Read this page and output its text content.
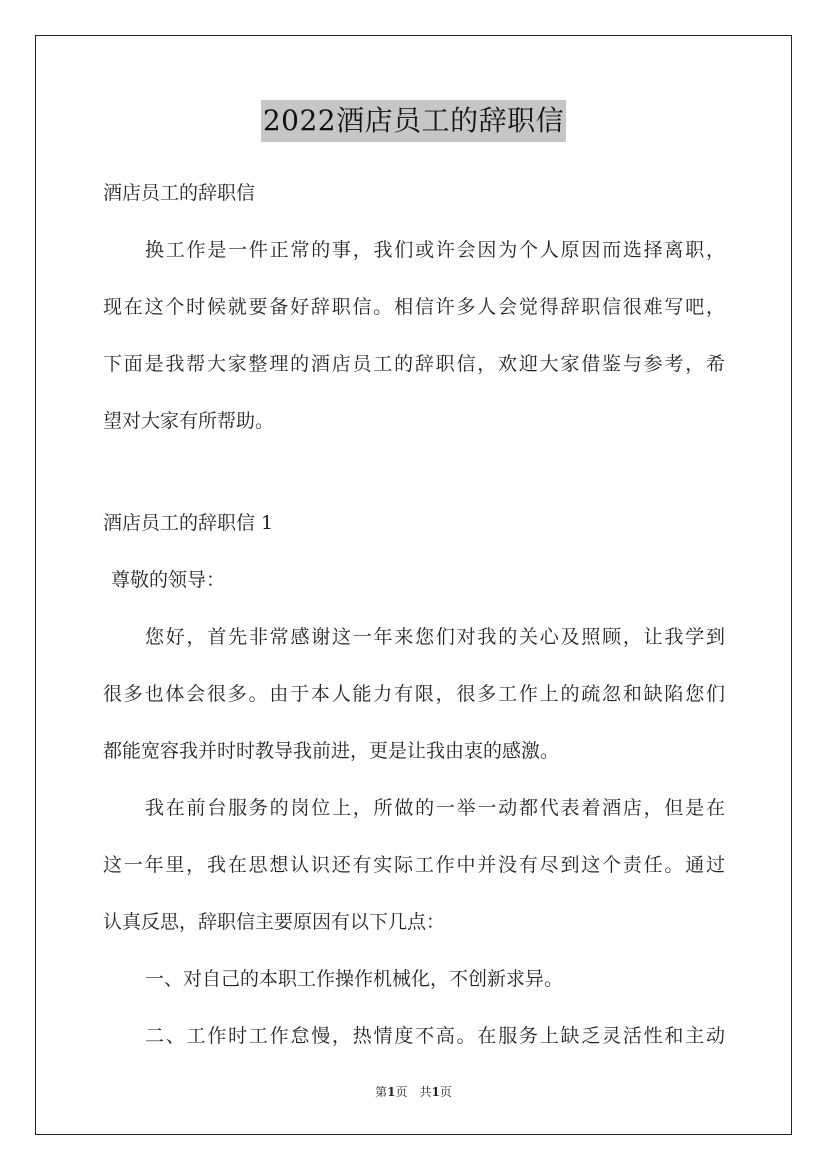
2022酒店员工的辞职信
酒店员工的辞职信
换工作是一件正常的事，我们或许会因为个人原因而选择离职，
现在这个时候就要备好辞职信。相信许多人会觉得辞职信很难写吧，
下面是我帮大家整理的酒店员工的辞职信，欢迎大家借鉴与参考，希
望对大家有所帮助。
酒店员工的辞职信 1
尊敬的领导：
您好，首先非常感谢这一年来您们对我的关心及照顾，让我学到
很多也体会很多。由于本人能力有限，很多工作上的疏忽和缺陷您们
都能宽容我并时时教导我前进，更是让我由衷的感激。
我在前台服务的岗位上，所做的一举一动都代表着酒店，但是在
这一年里，我在思想认识还有实际工作中并没有尽到这个责任。通过
认真反思，辞职信主要原因有以下几点：
一、对自己的本职工作操作机械化，不创新求异。
二、工作时工作怠慢，热情度不高。在服务上缺乏灵活性和主动
第1页　共1页
